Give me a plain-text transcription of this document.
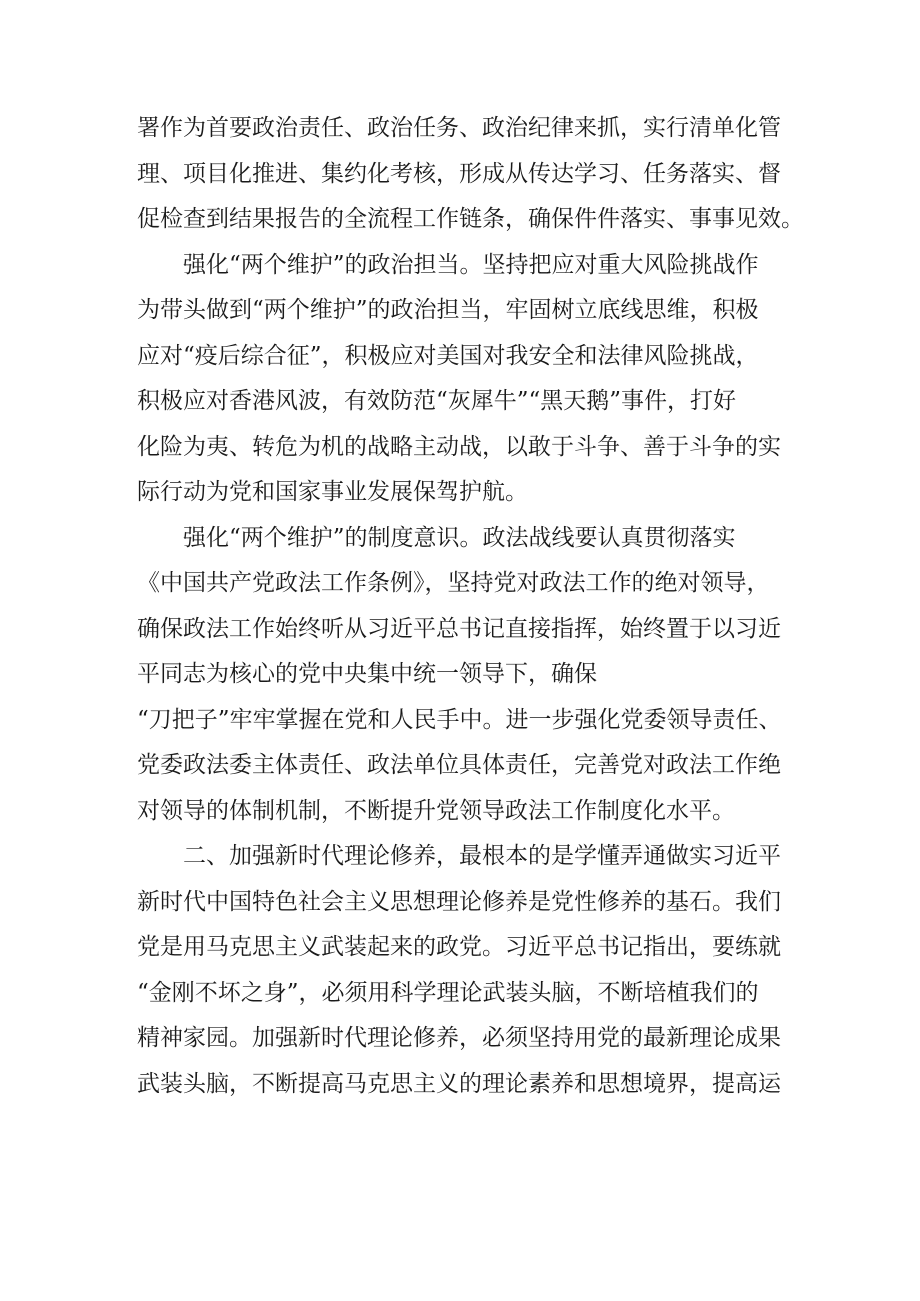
署作为首要政治责任、政治任务、政治纪律来抓，实行清单化管
理、项目化推进、集约化考核，形成从传达学习、任务落实、督
促检查到结果报告的全流程工作链条，确保件件落实、事事见效。
强化“两个维护”的政治担当。坚持把应对重大风险挑战作
为带头做到“两个维护”的政治担当，牢固树立底线思维，积极
应对“疫后综合征”，积极应对美国对我安全和法律风险挑战，
积极应对香港风波，有效防范“灰犀牛”“黑天鹅”事件，打好
化险为夷、转危为机的战略主动战，以敢于斗争、善于斗争的实
际行动为党和国家事业发展保驾护航。
强化“两个维护”的制度意识。政法战线要认真贯彻落实
《中国共产党政法工作条例》，坚持党对政法工作的绝对领导，
确保政法工作始终听从习近平总书记直接指挥，始终置于以习近
平同志为核心的党中央集中统一领导下，确保
“刀把子”牢牢掌握在党和人民手中。进一步强化党委领导责任、
党委政法委主体责任、政法单位具体责任，完善党对政法工作绝
对领导的体制机制，不断提升党领导政法工作制度化水平。
二、加强新时代理论修养，最根本的是学懂弄通做实习近平
新时代中国特色社会主义思想理论修养是党性修养的基石。我们
党是用马克思主义武装起来的政党。习近平总书记指出，要练就
“金刚不坏之身”，必须用科学理论武装头脑，不断培植我们的
精神家园。加强新时代理论修养，必须坚持用党的最新理论成果
武装头脑，不断提高马克思主义的理论素养和思想境界，提高运
